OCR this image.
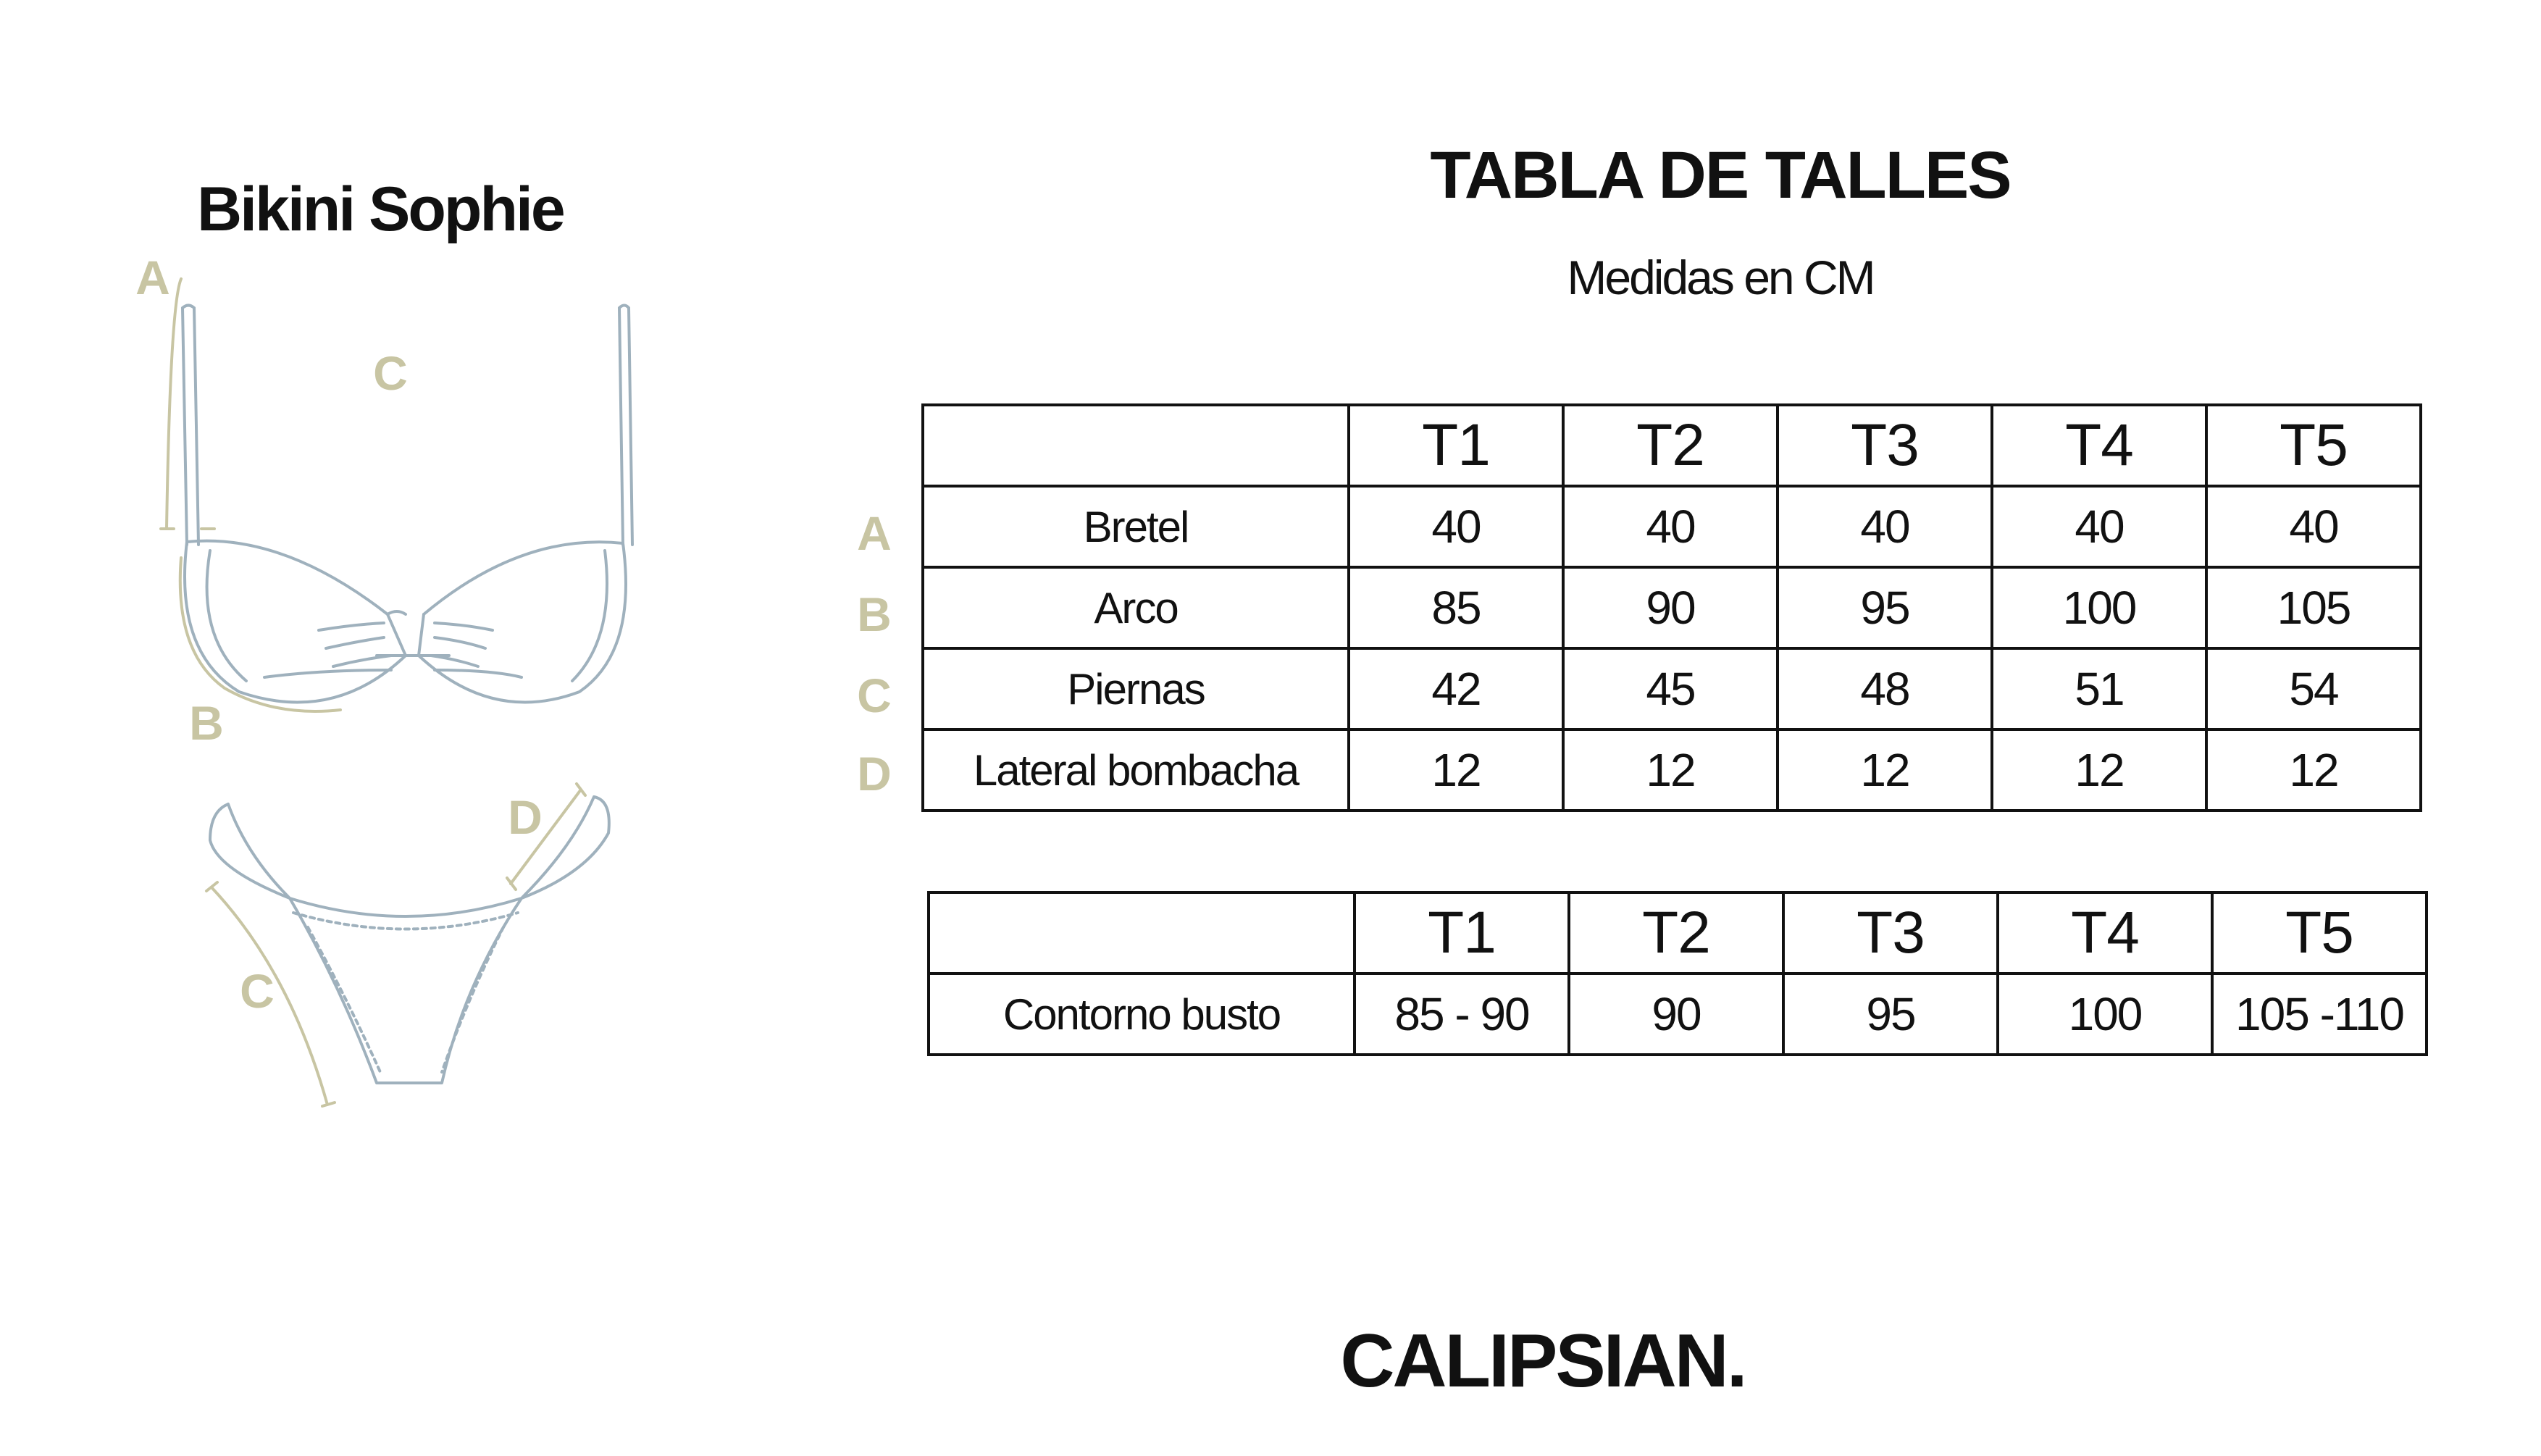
Bikini Sophie	TABLA DE TALLES
Medidas en CM
A
C
B
D
C
A
B
C
D
	T1	T2	T3	T4	T5
Bretel	40	40	40	40	40
Arco	85	90	95	100	105
Piernas	42	45	48	51	54
Lateral bombacha	12	12	12	12	12
	T1	T2	T3	T4	T5
Contorno busto	85 - 90	90	95	100	105 -110
CALIPSIAN.
